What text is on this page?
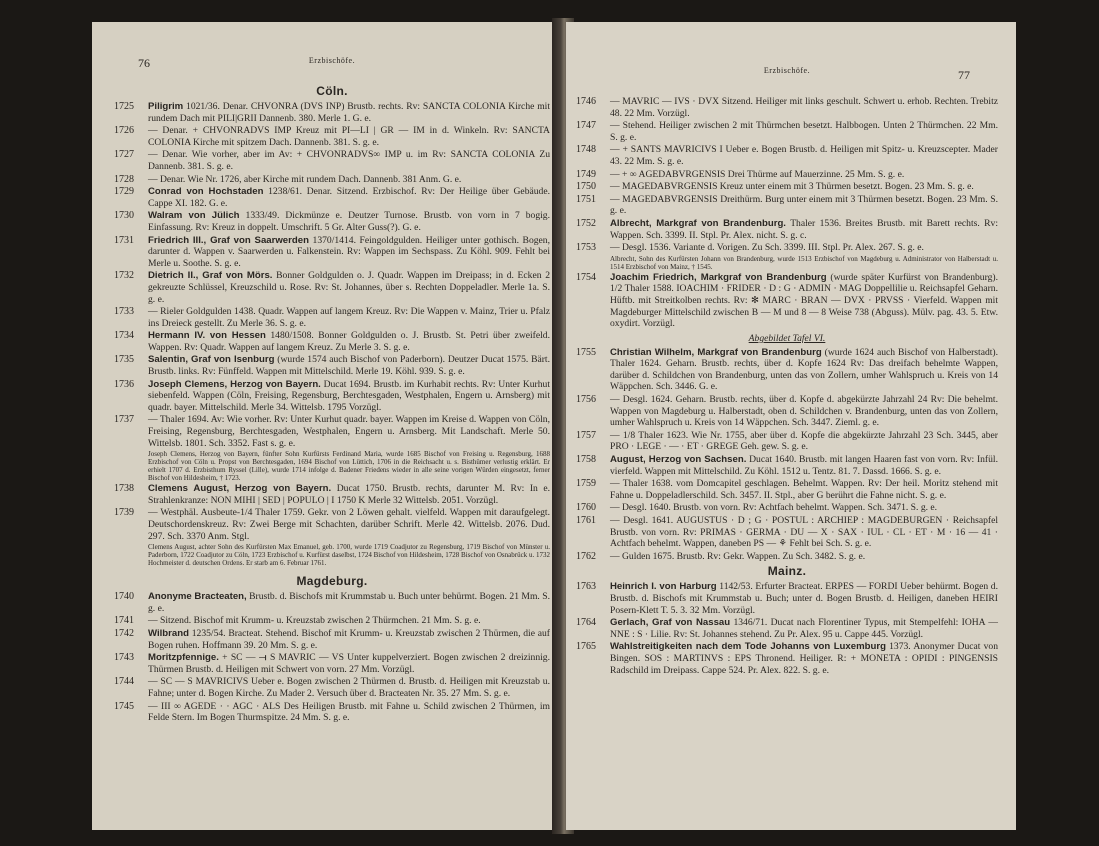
76	Erzbischöfe.
Cöln.
1725 Piligrim 1021/36. Denar. CHVONRA (DVS INP) Brustb. rechts. Rv: SANCTA COLONIA Kirche mit rundem Dach mit PILI|GRII Dannenb. 380. Merle 1. G. e.
1726 — Denar. + CHVONRADVS IMP Kreuz mit PI—LI | GR — IM in d. Winkeln. Rv: SANCTA COLONIA Kirche mit spitzem Dach. Dannenb. 381. S. g. e.
1727 — Denar. Wie vorher, aber im Av: + CHVONRADVS∞ IMP u. im Rv: SANCTA COLONIA Zu Dannenb. 381. S. g. e.
1728 — Denar. Wie Nr. 1726, aber Kirche mit rundem Dach. Dannenb. 381 Anm. G. e.
1729 Conrad von Hochstaden 1238/61. Denar. Sitzend. Erzbischof. Rv: Der Heilige über Gebäude. Cappe XI. 182. G. e.
1730 Walram von Jülich 1333/49. Dickmünze e. Deutzer Turnose. Brustb. von vorn in 7 bogig. Einfassung. Rv: Kreuz in doppelt. Umschrift. 5 Gr. Alter Guss(?). G. e.
1731 Friedrich III., Graf von Saarwerden 1370/1414. Feingoldgulden. Heiliger unter gothisch. Bogen, darunter d. Wappen v. Saarwerden u. Falkenstein. Rv: Wappen im Sechspass. Zu Köhl. 909. Fehlt bei Merle u. Soothe. S. g. e.
1732 Dietrich II., Graf von Mörs. Bonner Goldgulden o. J. Quadr. Wappen im Dreipass; in d. Ecken 2 gekreuzte Schlüssel, Kreuzschild u. Rose. Rv: St. Johannes, über s. Rechten Doppeladler. Merle 1a. S. g. e.
1733 — Rieler Goldgulden 1438. Quadr. Wappen auf langem Kreuz. Rv: Die Wappen v. Mainz, Trier u. Pfalz ins Dreieck gestellt. Zu Merle 36. S. g. e.
1734 Hermann IV. von Hessen 1480/1508. Bonner Goldgulden o. J. Brustb. St. Petri über zweifeld. Wappen. Rv: Quadr. Wappen auf langem Kreuz. Zu Merle 3. S. g. e.
1735 Salentin, Graf von Isenburg (wurde 1574 auch Bischof von Paderborn). Deutzer Ducat 1575. Bärt. Brustb. links. Rv: Fünffeld. Wappen mit Mittelschild. Merle 19. Köhl. 939. S. g. e.
1736 Joseph Clemens, Herzog von Bayern. Ducat 1694. Brustb. im Kurhabit rechts. Rv: Unter Kurhut siebenfeld. Wappen (Cöln, Freising, Regensburg, Berchtesgaden, Westphalen, Engern u. Arnsberg) mit quadr. bayer. Mittelschild. Merle 34. Wittelsb. 1795 Vorzügl.
1737 — Thaler 1694. Av: Wie vorher. Rv: Unter Kurhut quadr. bayer. Wappen im Kreise d. Wappen von Cöln, Freising, Regensburg, Berchtesgaden, Westphalen, Engern u. Arnsberg. Mit Landschaft. Merle 50. Wittelsb. 1801. Sch. 3352. Fast s. g. e.
Joseph Clemens, Herzog von Bayern, fünfter Sohn Kurfürsts Ferdinand Maria, wurde 1685 Bischof von Freising u. Regensburg, 1688 Erzbischof von Cöln u. Propst von Berchtesgaden, 1694 Bischof von Lüttich, 1706 in die Reichsacht u. s. Bisthümer verlustig erklärt. Er erhielt 1707 d. Erzbisthum Ryssel (Lille), wurde 1714 infolge d. Badener Friedens wieder in alle seine vorigen Würden eingesetzt, ferner Bischof von Hildesheim, † 1723.
1738 Clemens August, Herzog von Bayern. Ducat 1750. Brustb. rechts, darunter M. Rv: In e. Strahlenkranze: NON MIHI | SED | POPULO | I 1750 K Merle 32 Wittelsb. 2051. Vorzügl.
1739 — Westphäl. Ausbeute-1/4 Thaler 1759. Gekr. von 2 Löwen gehalt. vielfeld. Wappen mit daraufgelegt. Deutschordenskreuz. Rv: Zwei Berge mit Schachten, darüber Schrift. Merle 42. Wittelsb. 2076. Dud. 297. Sch. 3370 Anm. Stgl.
Clemens August, achter Sohn des Kurfürsten Max Emanuel, geb. 1700, wurde 1719 Coadjutor zu Regensburg, 1719 Bischof von Münster u. Paderborn, 1722 Coadjutor zu Cöln, 1723 Erzbischof u. Kurfürst daselbst, 1724 Bischof von Hildesheim, 1728 Bischof von Osnabrück u. 1732 Hochmeister d. deutschen Ordens. Er starb am 6. Februar 1761.
Magdeburg.
1740 Anonyme Bracteaten, Brustb. d. Bischofs mit Krummstab u. Buch unter behürmt. Bogen. 21 Mm. S. g. e.
1741 — Sitzend. Bischof mit Krumm- u. Kreuzstab zwischen 2 Thürmchen. 21 Mm. S. g. e.
1742 Wilbrand 1235/54. Bracteat. Stehend. Bischof mit Krumm- u. Kreuzstab zwischen 2 Thürmen, die auf Bogen ruhen. Hoffmann 39. 20 Mm. S. g. e.
1743 Moritzpfennige. + SC — ⟞ S MAVRIC — VS Unter kuppelverziert. Bogen zwischen 2 dreizinnig. Thürmen Brustb. d. Heiligen mit Schwert von vorn. 27 Mm. Vorzügl.
1744 — SC — S MAVRICIVS Ueber e. Bogen zwischen 2 Thürmen d. Brustb. d. Heiligen mit Kreuzstab u. Fahne; unter d. Bogen Kirche. Zu Mader 2. Versuch über d. Bracteaten Nr. 35. 27 Mm. S. g. e.
1745 — III ∞ AGEDE · · AGC · ALS Des Heiligen Brustb. mit Fahne u. Schild zwischen 2 Thürmen, im Felde Stern. Im Bogen Thurmspitze. 24 Mm. S. g. e.
Erzbischöfe.	77
1746 — MAVRIC — IVS · DVX Sitzend. Heiliger mit links geschult. Schwert u. erhob. Rechten. Trebitz 48. 22 Mm. Vorzügl.
1747 — Stehend. Heiliger zwischen 2 mit Thürmchen besetzt. Halbbogen. Unten 2 Thürmchen. 22 Mm. S. g. e.
1748 — + SANTS MAVRICIVS I Ueber e. Bogen Brustb. d. Heiligen mit Spitz- u. Kreuzscepter. Mader 43. 22 Mm. S. g. e.
1749 — + ∞ AGEDABVRGENSIS Drei Thürme auf Mauerzinne. 25 Mm. S. g. e.
1750 — MAGEDABVRGENSIS Kreuz unter einem mit 3 Thürmen besetzt. Bogen. 23 Mm. S. g. e.
1751 — MAGEDABVRGENSIS Dreithürm. Burg unter einem mit 3 Thürmen besetzt. Bogen. 23 Mm. S. g. e.
1752 Albrecht, Markgraf von Brandenburg. Thaler 1536. Breites Brustb. mit Barett rechts. Rv: Wappen. Sch. 3399. II. Stpl. Pr. Alex. nicht. S. g. c.
1753 — Desgl. 1536. Variante d. Vorigen. Zu Sch. 3399. III. Stpl. Pr. Alex. 267. S. g. e.
Albrecht, Sohn des Kurfürsten Johann von Brandenburg, wurde 1513 Erzbischof von Magdeburg u. Administrator von Halberstadt u. 1514 Erzbischof von Mainz, † 1545.
1754 Joachim Friedrich, Markgraf von Brandenburg (wurde später Kurfürst von Brandenburg). 1/2 Thaler 1588. IOACHIM · FRIDER · D : G · ADMIN · MAG Doppellilie u. Reichsapfel Geharn. Hüftb. mit Streitkolben rechts. Rv: ✻ MARC · BRAN — DVX · PRVSS · Vierfeld. Wappen mit Magdeburger Mittelschild zwischen B — M und 8 — 8 Weise 738 (Abguss). Mülv. pag. 43. 5. Etw. oxydirt. Vorzügl.
Abgebildet Tafel VI.
1755 Christian Wilhelm, Markgraf von Brandenburg (wurde 1624 auch Bischof von Halberstadt). Thaler 1624. Geharn. Brustb. rechts, über d. Kopfe 1624 Rv: Das dreifach behelmte Wappen, darüber d. Schildchen von Brandenburg, unten das von Zollern, umher Wahlspruch u. Kreis von 14 Wäppchen. Sch. 3446. G. e.
1756 — Desgl. 1624. Geharn. Brustb. rechts, über d. Kopfe d. abgekürzte Jahrzahl 24 Rv: Die behelmt. Wappen von Magdeburg u. Halberstadt, oben d. Schildchen v. Brandenburg, unten das von Zollern, umher Wahlspruch u. Kreis von 14 Wäppchen. Sch. 3447. Zieml. g. e.
1757 — 1/8 Thaler 1623. Wie Nr. 1755, aber über d. Kopfe die abgekürzte Jahrzahl 23 Sch. 3445, aber PRO · LEGE · — · ET · GREGE Geh. gew. S. g. e.
1758 August, Herzog von Sachsen. Ducat 1640. Brustb. mit langen Haaren fast von vorn. Rv: Infül. vierfeld. Wappen mit Mittelschild. Zu Köhl. 1512 u. Tentz. 81. 7. Dassd. 1666. S. g. e.
1759 — Thaler 1638. vom Domcapitel geschlagen. Behelmt. Wappen. Rv: Der heil. Moritz stehend mit Fahne u. Doppeladlerschild. Sch. 3457. II. Stpl., aber G berührt die Fahne nicht. S. g. e.
1760 — Desgl. 1640. Brustb. von vorn. Rv: Achtfach behelmt. Wappen. Sch. 3471. S. g. e.
1761 — Desgl. 1641. AUGUSTUS · D ; G · POSTUL : ARCHIEP : MAGDEBURGEN · Reichsapfel Brustb. von vorn. Rv: PRIMAS · GERMA · DU — X · SAX · IUL · CL · ET · M · 16 — 41 · Achtfach behelmt. Wappen, daneben PS — ⚘ Fehlt bei Sch. S. g. e.
1762 — Gulden 1675. Brustb. Rv: Gekr. Wappen. Zu Sch. 3482. S. g. e.
Mainz.
1763 Heinrich I. von Harburg 1142/53. Erfurter Bracteat. ERPES — FORDI Ueber behürmt. Bogen d. Brustb. d. Bischofs mit Krummstab u. Buch; unter d. Bogen Brustb. d. Heiligen, daneben HEIRI Posern-Klett T. 5. 3. 32 Mm. Vorzügl.
1764 Gerlach, Graf von Nassau 1346/71. Ducat nach Florentiner Typus, mit Stempelfehl: IOHA — NNE : S · Lilie. Rv: St. Johannes stehend. Zu Pr. Alex. 95 u. Cappe 445. Vorzügl.
1765 Wahlstreitigkeiten nach dem Tode Johanns von Luxemburg 1373. Anonymer Ducat von Bingen. SOS : MARTINVS : EPS Thronend. Heiliger. R: + MONETA : OPIDI : PINGENSIS Radschild im Dreipass. Cappe 524. Pr. Alex. 822. S. g. e.
